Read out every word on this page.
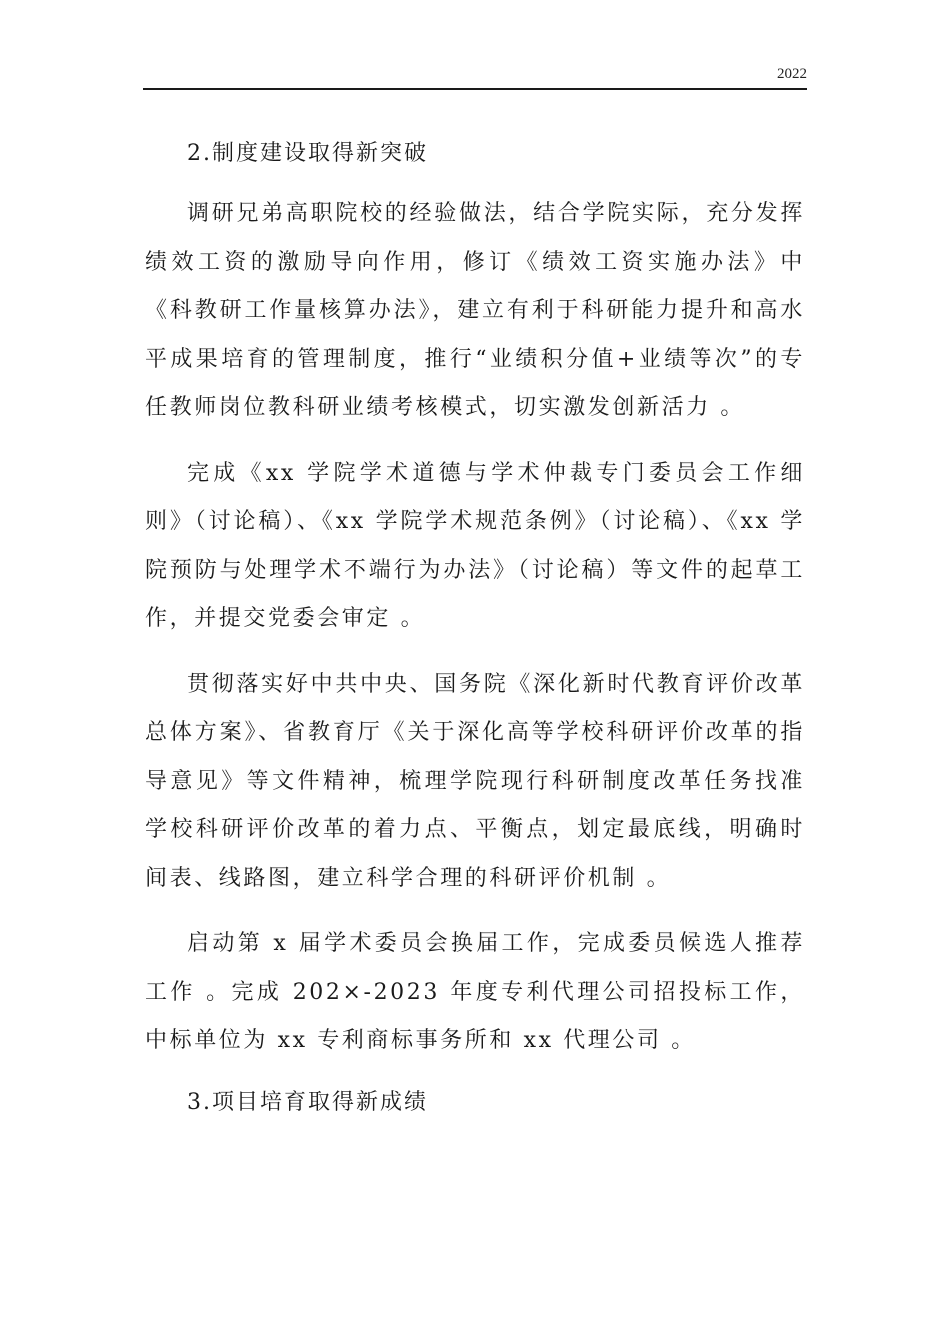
2022

2.制度建设取得新突破

调研兄弟高职院校的经验做法，结合学院实际，充分发挥绩效工资的激励导向作用，修订《绩效工资实施办法》中《科教研工作量核算办法》，建立有利于科研能力提升和高水平成果培育的管理制度，推行“业绩积分值+业绩等次”的专任教师岗位教科研业绩考核模式，切实激发创新活力 。

完成《xx 学院学术道德与学术仲裁专门委员会工作细则》（讨论稿）、《xx 学院学术规范条例》（讨论稿）、《xx 学院预防与处理学术不端行为办法》（讨论稿）等文件的起草工作，并提交党委会审定 。

贯彻落实好中共中央、国务院《深化新时代教育评价改革总体方案》、省教育厅《关于深化高等学校科研评价改革的指导意见》等文件精神，梳理学院现行科研制度改革任务找准学校科研评价改革的着力点、平衡点，划定最底线，明确时间表、线路图，建立科学合理的科研评价机制 。

启动第 x 届学术委员会换届工作，完成委员候选人推荐工作 。完成 202×-2023 年度专利代理公司招投标工作，中标单位为 xx 专利商标事务所和 xx 代理公司 。

3.项目培育取得新成绩
